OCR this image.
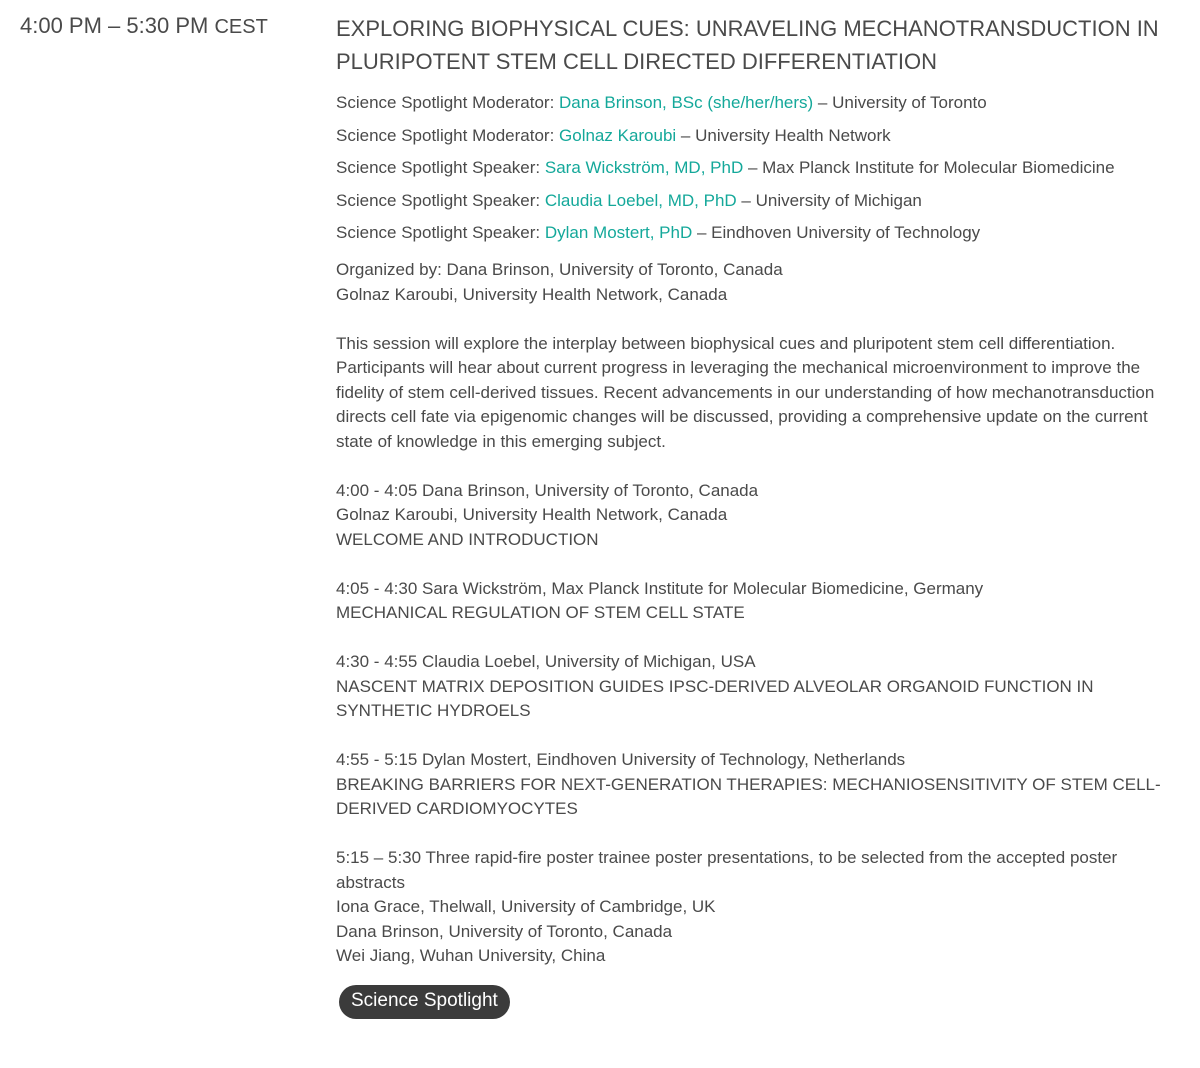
4:00 PM – 5:30 PM CEST	EXPLORING BIOPHYSICAL CUES: UNRAVELING MECHANOTRANSDUCTION IN PLURIPOTENT STEM CELL DIRECTED DIFFERENTIATION
Science Spotlight Moderator: Dana Brinson, BSc (she/her/hers) – University of Toronto
Science Spotlight Moderator: Golnaz Karoubi – University Health Network
Science Spotlight Speaker: Sara Wickström, MD, PhD – Max Planck Institute for Molecular Biomedicine
Science Spotlight Speaker: Claudia Loebel, MD, PhD – University of Michigan
Science Spotlight Speaker: Dylan Mostert, PhD – Eindhoven University of Technology
Organized by: Dana Brinson, University of Toronto, Canada
Golnaz Karoubi, University Health Network, Canada
This session will explore the interplay between biophysical cues and pluripotent stem cell differentiation. Participants will hear about current progress in leveraging the mechanical microenvironment to improve the fidelity of stem cell-derived tissues. Recent advancements in our understanding of how mechanotransduction directs cell fate via epigenomic changes will be discussed, providing a comprehensive update on the current state of knowledge in this emerging subject.
4:00 - 4:05 Dana Brinson, University of Toronto, Canada
Golnaz Karoubi, University Health Network, Canada
WELCOME AND INTRODUCTION
4:05 - 4:30 Sara Wickström, Max Planck Institute for Molecular Biomedicine, Germany
MECHANICAL REGULATION OF STEM CELL STATE
4:30 - 4:55 Claudia Loebel, University of Michigan, USA
NASCENT MATRIX DEPOSITION GUIDES IPSC-DERIVED ALVEOLAR ORGANOID FUNCTION IN SYNTHETIC HYDROELS
4:55 - 5:15 Dylan Mostert, Eindhoven University of Technology, Netherlands
BREAKING BARRIERS FOR NEXT-GENERATION THERAPIES: MECHANIOSENSITIVITY OF STEM CELL-DERIVED CARDIOMYOCYTES
5:15 – 5:30 Three rapid-fire poster trainee poster presentations, to be selected from the accepted poster abstracts
Iona Grace, Thelwall, University of Cambridge, UK
Dana Brinson, University of Toronto, Canada
Wei Jiang, Wuhan University, China
Science Spotlight
